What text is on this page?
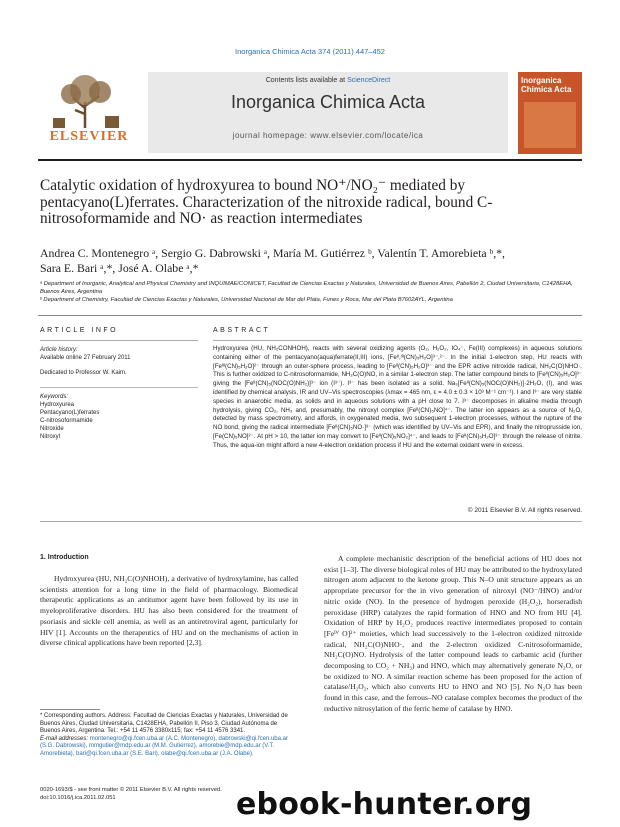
Inorganica Chimica Acta 374 (2011) 447–452
ELSEVIER
Contents lists available at ScienceDirect
Inorganica Chimica Acta
journal homepage: www.elsevier.com/locate/ica
Inorganica Chimica Acta
Catalytic oxidation of hydroxyurea to bound NO⁺/NO₂⁻ mediated by pentacyano(L)ferrates. Characterization of the nitroxide radical, bound C-nitrosoformamide and NO· as reaction intermediates
Andrea C. Montenegro ᵃ, Sergio G. Dabrowski ᵃ, María M. Gutiérrez ᵇ, Valentín T. Amorebieta ᵇ,*,
Sara E. Bari ᵃ,*, José A. Olabe ᵃ,*
ᵃ Department of Inorganic, Analytical and Physical Chemistry and INQUIMAE/CONICET, Facultad de Ciencias Exactas y Naturales, Universidad de Buenos Aires, Pabellón 2, Ciudad Universitaria, C1428EHA, Buenos Aires, Argentina
ᵇ Department of Chemistry, Facultad de Ciencias Exactas y Naturales, Universidad Nacional de Mar del Plata, Funes y Roca, Mar del Plata B7602AYL, Argentina
ARTICLE INFO	ABSTRACT
Article history:
Available online 27 February 2011
Dedicated to Professor W. Kaim.
Keywords:
Hydroxyurea
Pentacyano(L)ferrates
C-nitrosoformamide
Nitroxide
Nitroxyl
Hydroxyurea (HU, NH₂CONHOH), reacts with several oxidizing agents (O₂, H₂O₂, IO₄⁻, Fe(III) complexes) in aqueous solutions containing either of the pentacyano(aqua)ferrate(II,III) ions, [Feᴵᴵ,ᴵᴵᴵ(CN)₅H₂O]³⁻,²⁻. In the initial 1-electron step, HU reacts with [Feᴵᴵᴵ(CN)₅H₂O]²⁻ through an outer-sphere process, leading to [Feᴵᴵ(CN)₅H₂O]³⁻ and the EPR active nitroxide radical, NH₂C(O)NHO·. This is further oxidized to C-nitrosoformamide, NH₂C(O)NO, in a similar 1-electron step. The latter compound binds to [Feᴵᴵ(CN)₅H₂O]³⁻ giving the [Feᴵᴵ(CN)₅(NOC(O)NH₂)]³⁻ ion (I³⁻). I³⁻ has been isolated as a solid, Na₃[Feᴵᴵ(CN)₅(NOC(O)NH₂)]·2H₂O, (I), and was identified by chemical analysis, IR and UV–Vis spectroscopies (λmax = 465 nm, ε = 4.0 ± 0.3 × 10³ M⁻¹ cm⁻¹). I and I³⁻ are very stable species in anaerobic media, as solids and in aqueous solutions with a pH close to 7. I³⁻ decomposes in alkaline media through hydrolysis, giving CO₂, NH₃ and, presumably, the nitroxyl complex [Feᴵᴵ(CN)₅NO]⁴⁻. The latter ion appears as a source of N₂O, detected by mass spectrometry, and affords, in oxygenated media, two subsequent 1-electron processes, without the rupture of the NO bond, giving the radical intermediate [Feᴵᴵ(CN)₅NO·]³⁻ (which was identified by UV–Vis and EPR), and finally the nitroprusside ion, [Fe(CN)₅NO]²⁻. At pH > 10, the latter ion may convert to [Feᴵᴵ(CN)₅NO₂]⁴⁻, and leads to [Feᴵᴵ(CN)₅H₂O]³⁻ through the release of nitrite. Thus, the aqua-ion might afford a new 4-electron oxidation process if HU and the external oxidant were in excess.
© 2011 Elsevier B.V. All rights reserved.
1. Introduction
Hydroxyurea (HU, NH₂C(O)NHOH), a derivative of hydroxylamine, has called scientists attention for a long time in the field of pharmacology. Biomedical therapeutic applications as an antitumor agent have been followed by its use in myeloproliferative disorders. HU has also been considered for the treatment of psoriasis and sickle cell anemia, as well as an antiretroviral agent, particularly for HIV [1]. Accounts on the therapeutics of HU and on the mechanisms of action in diverse clinical applications have been reported [2,3].
A complete mechanistic description of the beneficial actions of HU does not exist [1–3]. The diverse biological roles of HU may be attributed to the hydroxylated nitrogen atom adjacent to the ketone group. This N–O unit structure appears as an appropriate precursor for the in vivo generation of nitroxyl (NO⁻/HNO) and/or nitric oxide (NO). In the presence of hydrogen peroxide (H₂O₂), horseradish peroxidase (HRP) catalyzes the rapid formation of HNO and NO from HU [4]. Oxidation of HRP by H₂O₂ produces reactive intermediates proposed to contain [Feᴵⱽ O]²⁺ moieties, which lead successively to the 1-electron oxidized nitroxide radical, NH₂C(O)NHO·, and the 2-electron oxidized C-nitrosoformamide, NH₂C(O)NO. Hydrolysis of the latter compound leads to carbamic acid (further decomposing to CO₂ + NH₃) and HNO, which may alternatively generate N₂O, or be oxidized to NO. A similar reaction scheme has been proposed for the action of catalase/H₂O₂, which also converts HU to HNO and NO [5]. No N₂O has been found in this case, and the ferrous–NO catalase complex becomes the product of the reductive nitrosylation of the ferric heme of catalase by HNO.
* Corresponding authors. Address: Facultad de Ciencias Exactas y Naturales, Universidad de Buenos Aires, Ciudad Universitaria, C1428EHA, Pabellón II, Piso 3, Ciudad Autónoma de Buenos Aires, Argentina. Tel.: +54 11 4576 3380x115; fax: +54 11 4576 3341.
E-mail addresses: montenegro@qi.fcen.uba.ar (A.C. Montenegro), dabrowski@qi.fcen.uba.ar (S.G. Dabrowski), mmgutier@mdp.edu.ar (M.M. Gutiérrez), amorebie@mdp.edu.ar (V.T. Amorebieta), bari@qi.fcen.uba.ar (S.E. Bari), olabe@qi.fcen.uba.ar (J.A. Olabe).
0020-1693/$ - see front matter © 2011 Elsevier B.V. All rights reserved.
doi:10.1016/j.ica.2011.02.051	ebook-hunter.org
